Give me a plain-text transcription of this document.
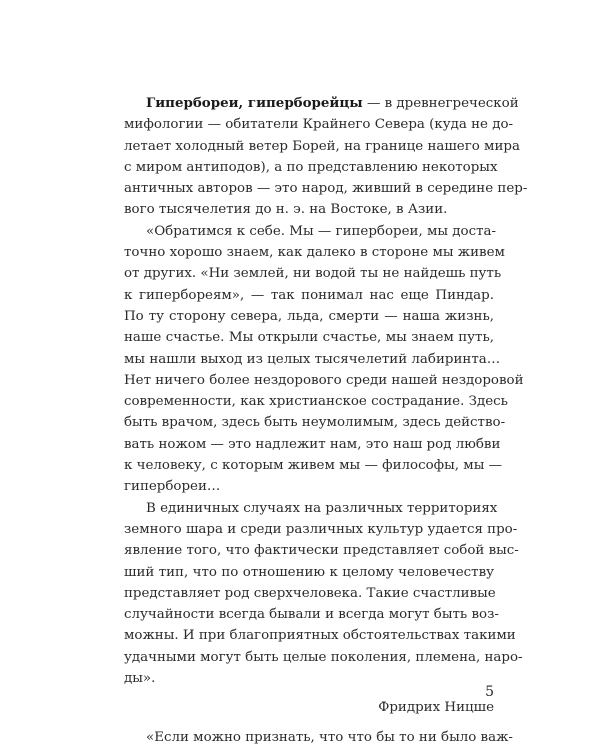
Гипербореи, гиперборейцы — в древнегреческой
мифологии — обитатели Крайнего Севера (куда не до-
летает холодный ветер Борей, на границе нашего мира
с миром антиподов), а по представлению некоторых
античных авторов — это народ, живший в середине пер-
вого тысячелетия до н. э. на Востоке, в Азии.
«Обратимся к себе. Мы — гипербореи, мы доста-
точно хорошо знаем, как далеко в стороне мы живем
от других. «Ни землей, ни водой ты не найдешь путь
к гипербореям», — так понимал нас еще Пиндар.
По ту сторону севера, льда, смерти — наша жизнь,
наше счастье. Мы открыли счастье, мы знаем путь,
мы нашли выход из целых тысячелетий лабиринта…
Нет ничего более нездорового среди нашей нездоровой
современности, как христианское сострадание. Здесь
быть врачом, здесь быть неумолимым, здесь действо-
вать ножом — это надлежит нам, это наш род любви
к человеку, с которым живем мы — философы, мы —
гипербореи…
В единичных случаях на различных территориях
земного шара и среди различных культур удается про-
явление того, что фактически представляет собой выс-
ший тип, что по отношению к целому человечеству
представляет род сверхчеловека. Такие счастливые
случайности всегда бывали и всегда могут быть воз-
можны. И при благоприятных обстоятельствах такими
удачными могут быть целые поколения, племена, наро-
ды».
Фридрих Ницше
«Если можно признать, что что бы то ни было важ-
5
